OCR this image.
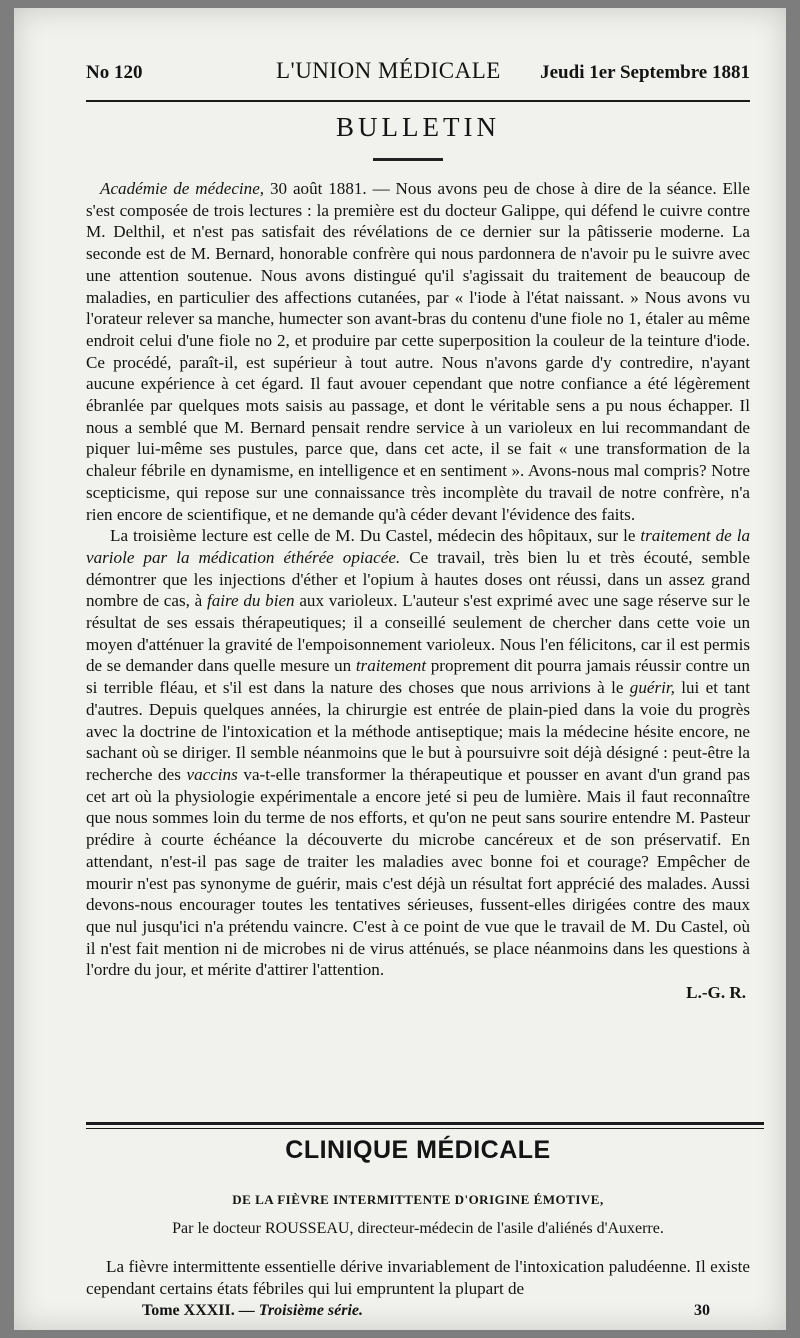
No 120	L'UNION MÉDICALE Jeudi 1er Septembre 1881
BULLETIN

Académie de médecine, 30 août 1881. — Nous avons peu de chose à dire de la séance. Elle s'est composée de trois lectures : la première est du docteur Galippe, qui défend le cuivre contre M. Delthil, et n'est pas satisfait des révélations de ce dernier sur la pâtisserie moderne. La seconde est de M. Bernard, honorable confrère qui nous pardonnera de n'avoir pu le suivre avec une attention soutenue. Nous avons distingué qu'il s'agissait du traitement de beaucoup de maladies, en particulier des affections cutanées, par « l'iode à l'état naissant. » Nous avons vu l'orateur relever sa manche, humecter son avant-bras du contenu d'une fiole no 1, étaler au même endroit celui d'une fiole no 2, et produire par cette superposition la couleur de la teinture d'iode. Ce procédé, paraît-il, est supérieur à tout autre. Nous n'avons garde d'y contredire, n'ayant aucune expérience à cet égard. Il faut avouer cependant que notre confiance a été légèrement ébranlée par quelques mots saisis au passage, et dont le véritable sens a pu nous échapper. Il nous a semblé que M. Bernard pensait rendre service à un varioleux en lui recommandant de piquer lui-même ses pustules, parce que, dans cet acte, il se fait « une transformation de la chaleur fébrile en dynamisme, en intelligence et en sentiment ». Avons-nous mal compris? Notre scepticisme, qui repose sur une connaissance très incomplète du travail de notre confrère, n'a rien encore de scientifique, et ne demande qu'à céder devant l'évidence des faits.

La troisième lecture est celle de M. Du Castel, médecin des hôpitaux, sur le traitement de la variole par la médication éthérée opiacée. Ce travail, très bien lu et très écouté, semble démontrer que les injections d'éther et l'opium à hautes doses ont réussi, dans un assez grand nombre de cas, à faire du bien aux varioleux. L'auteur s'est exprimé avec une sage réserve sur le résultat de ses essais thérapeutiques; il a conseillé seulement de chercher dans cette voie un moyen d'atténuer la gravité de l'empoisonnement varioleux. Nous l'en félicitons, car il est permis de se demander dans quelle mesure un traitement proprement dit pourra jamais réussir contre un si terrible fléau, et s'il est dans la nature des choses que nous arrivions à le guérir, lui et tant d'autres. Depuis quelques années, la chirurgie est entrée de plain-pied dans la voie du progrès avec la doctrine de l'intoxication et la méthode antiseptique; mais la médecine hésite encore, ne sachant où se diriger. Il semble néanmoins que le but à poursuivre soit déjà désigné : peut-être la recherche des vaccins va-t-elle transformer la thérapeutique et pousser en avant d'un grand pas cet art où la physiologie expérimentale a encore jeté si peu de lumière. Mais il faut reconnaître que nous sommes loin du terme de nos efforts, et qu'on ne peut sans sourire entendre M. Pasteur prédire à courte échéance la découverte du microbe cancéreux et de son préservatif. En attendant, n'est-il pas sage de traiter les maladies avec bonne foi et courage? Empêcher de mourir n'est pas synonyme de guérir, mais c'est déjà un résultat fort apprécié des malades. Aussi devons-nous encourager toutes les tentatives sérieuses, fussent-elles dirigées contre des maux que nul jusqu'ici n'a prétendu vaincre. C'est à ce point de vue que le travail de M. Du Castel, où il n'est fait mention ni de microbes ni de virus atténués, se place néanmoins dans les questions à l'ordre du jour, et mérite d'attirer l'attention.

L.-G. R.
CLINIQUE MÉDICALE
DE LA FIÈVRE INTERMITTENTE D'ORIGINE ÉMOTIVE,
Par le docteur ROUSSEAU, directeur-médecin de l'asile d'aliénés d'Auxerre.

La fièvre intermittente essentielle dérive invariablement de l'intoxication paludéenne. Il existe cependant certains états fébriles qui lui empruntent la plupart de

Tome XXXII. — Troisième série.	30
